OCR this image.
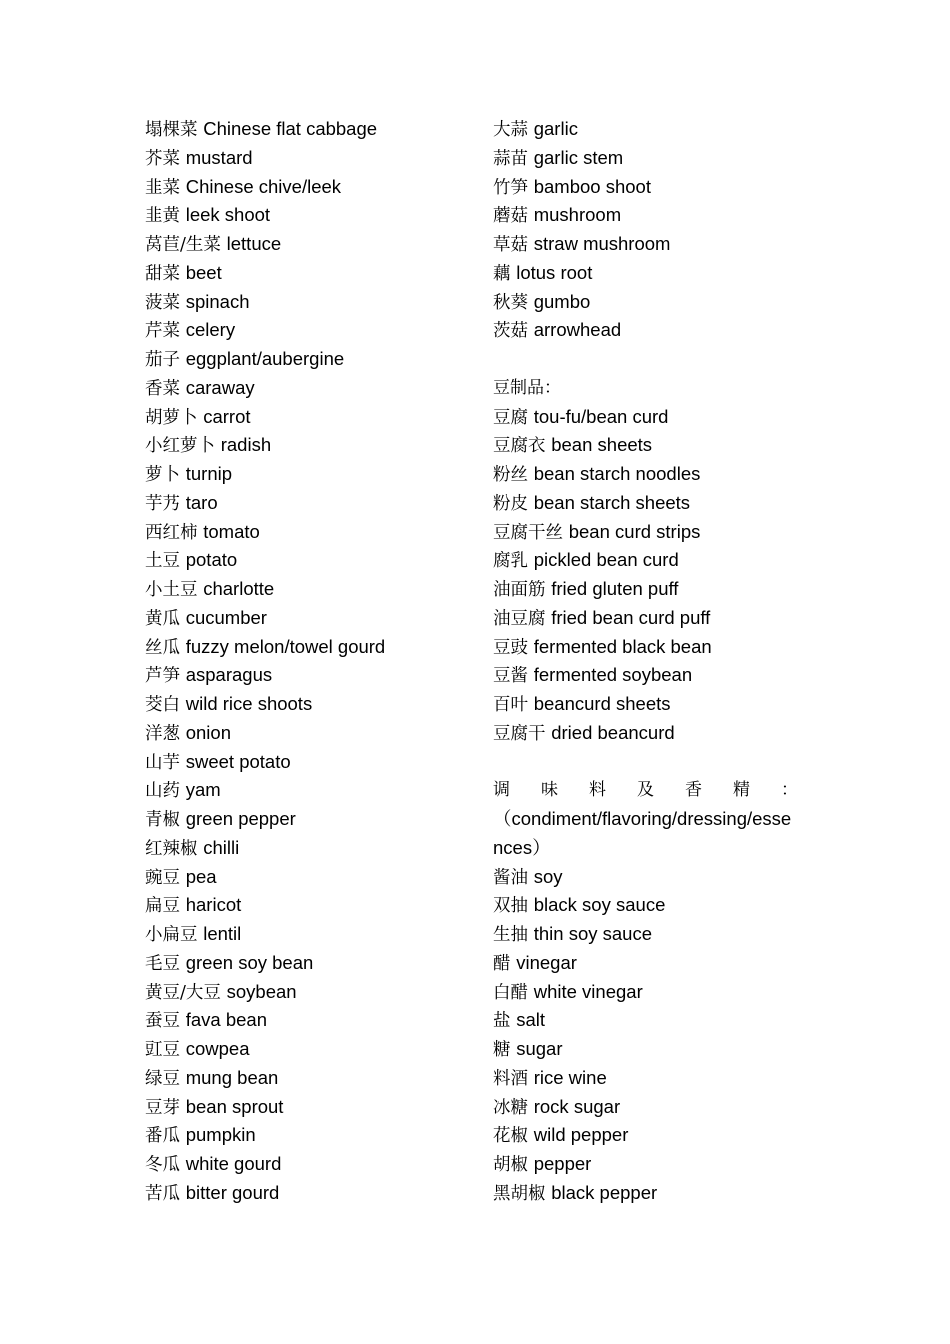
塌棵菜 Chinese flat cabbage
芥菜 mustard
韭菜 Chinese chive/leek
韭黄 leek shoot
莴苣/生菜 lettuce
甜菜 beet
菠菜 spinach
芹菜 celery
茄子 eggplant/aubergine
香菜 caraway
胡萝卜 carrot
小红萝卜 radish
萝卜 turnip
芋艿 taro
西红柿 tomato
土豆 potato
小土豆 charlotte
黄瓜 cucumber
丝瓜 fuzzy melon/towel gourd
芦笋 asparagus
茭白 wild rice shoots
洋葱 onion
山芋 sweet potato
山药 yam
青椒 green pepper
红辣椒 chilli
豌豆 pea
扁豆 haricot
小扁豆 lentil
毛豆 green soy bean
黄豆/大豆 soybean
蚕豆 fava bean
豇豆 cowpea
绿豆 mung bean
豆芽 bean sprout
番瓜 pumpkin
冬瓜 white gourd
苦瓜 bitter gourd
大蒜 garlic
蒜苗 garlic stem
竹笋 bamboo shoot
蘑菇 mushroom
草菇 straw mushroom
藕 lotus root
秋葵 gumbo
茨菇 arrowhead
豆制品：
豆腐 tou-fu/bean curd
豆腐衣 bean sheets
粉丝 bean starch noodles
粉皮 bean starch sheets
豆腐干丝 bean curd strips
腐乳 pickled bean curd
油面筋 fried gluten puff
油豆腐 fried bean curd puff
豆豉 fermented black bean
豆酱 fermented soybean
百叶 beancurd sheets
豆腐干 dried beancurd
调 味 料 及 香 精 ：
（condiment/flavoring/dressing/esse
nces）
酱油 soy
双抽 black soy sauce
生抽 thin soy sauce
醋 vinegar
白醋 white vinegar
盐 salt
糖 sugar
料酒 rice wine
冰糖 rock sugar
花椒 wild pepper
胡椒 pepper
黑胡椒 black pepper
